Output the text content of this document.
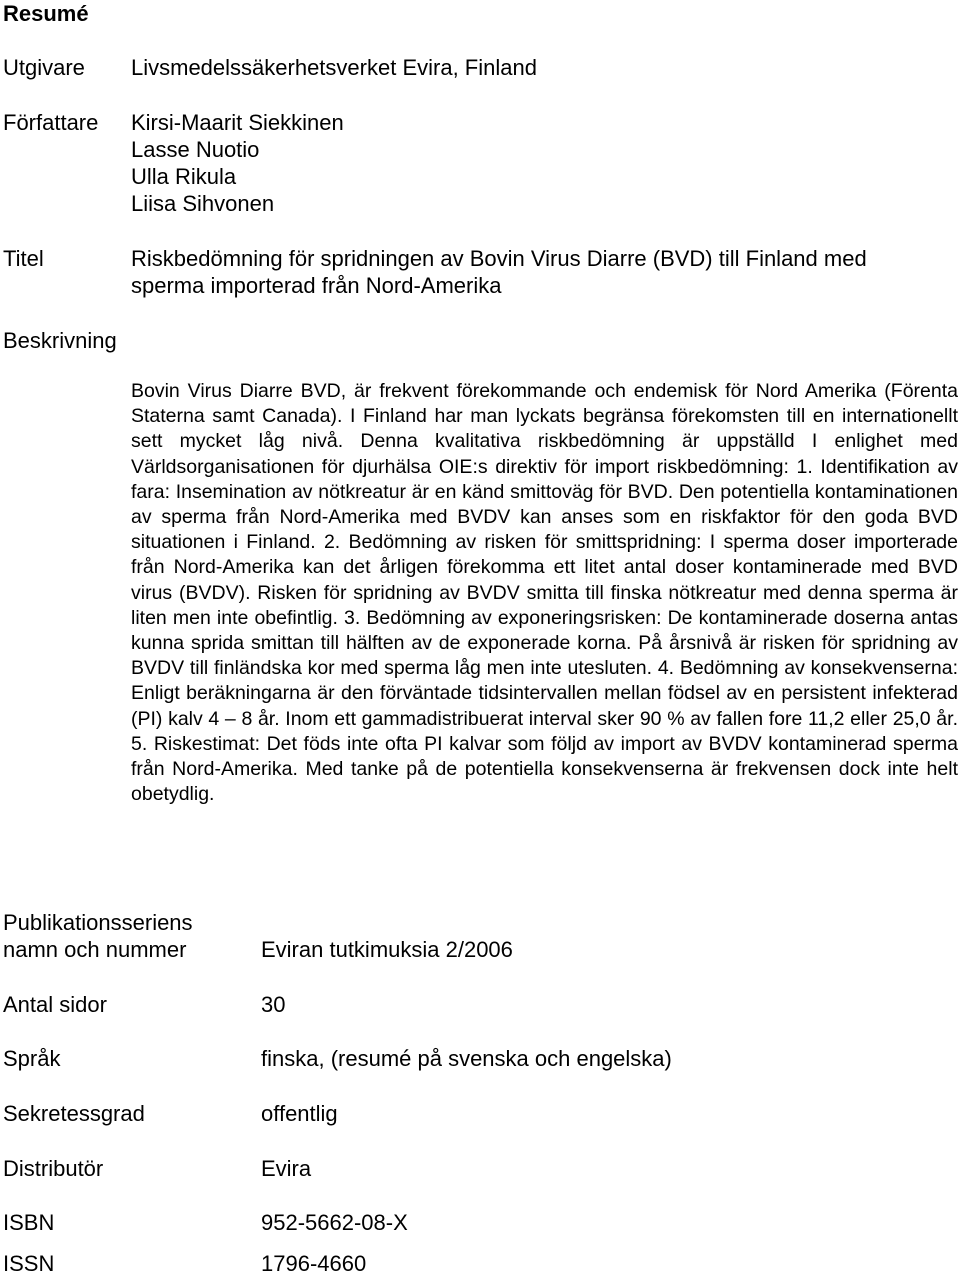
Resumé
Utgivare Livsmedelssäkerhetsverket Evira, Finland
Författare Kirsi-Maarit Siekkinen
Lasse Nuotio
Ulla Rikula
Liisa Sihvonen
Titel	Riskbedömning för spridningen av Bovin Virus Diarre (BVD) till Finland med
sperma importerad från Nord-Amerika
Beskrivning
Bovin Virus Diarre BVD, är frekvent förekommande och endemisk för Nord Amerika (Förenta Staterna samt Canada). I Finland har man lyckats begränsa förekomsten till en internationellt sett mycket låg nivå. Denna kvalitativa riskbedömning är uppställd I enlighet med Världsorganisationen för djurhälsa OIE:s direktiv för import riskbedömning: 1. Identifikation av fara: Insemination av nötkreatur är en känd smittoväg för BVD. Den potentiella kontaminationen av sperma från Nord-Amerika med BVDV kan anses som en riskfaktor för den goda BVD situationen i Finland. 2. Bedömning av risken för smittspridning: I sperma doser importerade från Nord-Amerika kan det årligen förekomma ett litet antal doser kontaminerade med BVD virus (BVDV). Risken för spridning av BVDV smitta till finska nötkreatur med denna sperma är liten men inte obefintlig. 3. Bedömning av exponeringsrisken: De kontaminerade doserna antas kunna sprida smittan till hälften av de exponerade korna. På årsnivå är risken för spridning av BVDV till finländska kor med sperma låg men inte utesluten. 4. Bedömning av konsekvenserna: Enligt beräkningarna är den förväntade tidsintervallen mellan födsel av en persistent infekterad (PI) kalv 4 – 8 år. Inom ett gammadistribuerat interval sker 90 % av fallen fore 11,2 eller 25,0 år. 5. Riskestimat: Det föds inte ofta PI kalvar som följd av import av BVDV kontaminerad sperma från Nord-Amerika. Med tanke på de potentiella konsekvenserna är frekvensen dock inte helt obetydlig.
Publikationsseriens
namn och nummer	Eviran tutkimuksia 2/2006
Antal sidor	30
Språk	finska, (resumé på svenska och engelska)
Sekretessgrad	offentlig
Distributör	Evira
ISBN	952-5662-08-X
ISSN	1796-4660
